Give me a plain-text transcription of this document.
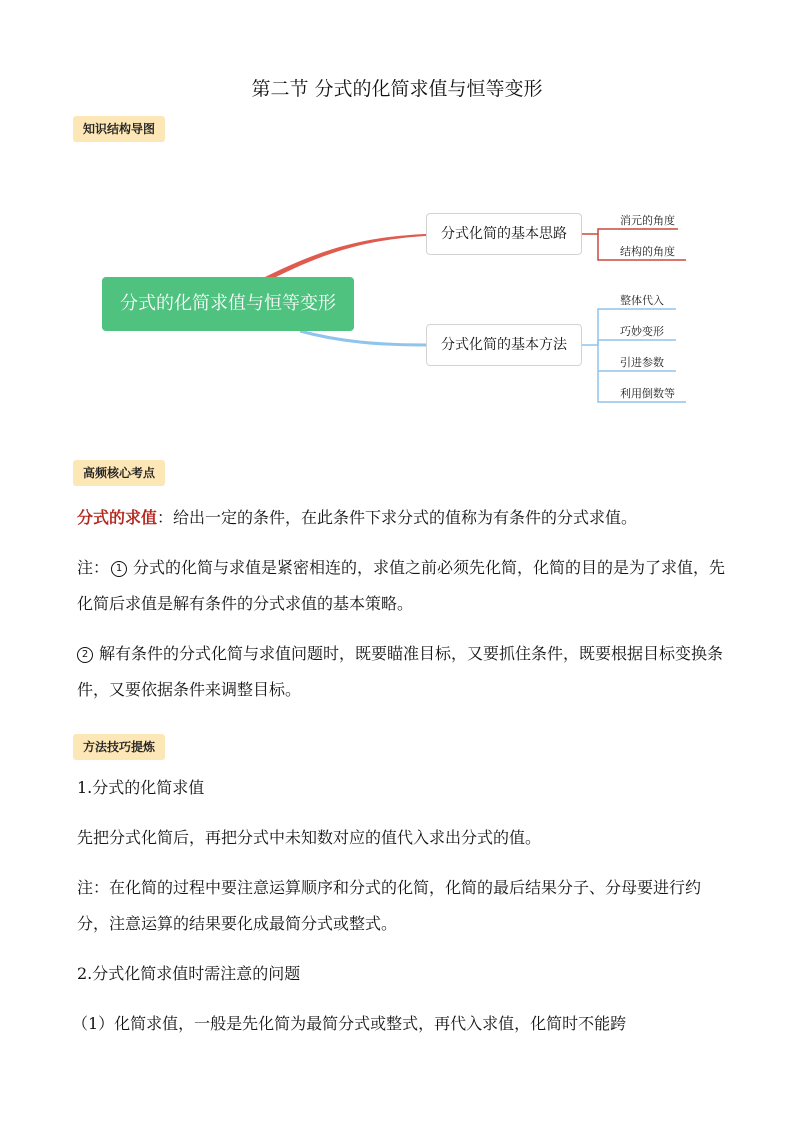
第二节 分式的化简求值与恒等变形
知识结构导图
分式的化简求值与恒等变形
分式化简的基本思路
分式化简的基本方法
消元的角度
结构的角度
整体代入
巧妙变形
引进参数
利用倒数等
高频核心考点
分式的求值：给出一定的条件，在此条件下求分式的值称为有条件的分式求值。
注： 1 分式的化简与求值是紧密相连的，求值之前必须先化简，化简的目的是为了求值，先化简后求值是解有条件的分式求值的基本策略。
2 解有条件的分式化简与求值问题时，既要瞄准目标，又要抓住条件，既要根据目标变换条件，又要依据条件来调整目标。
方法技巧提炼
1.分式的化简求值
先把分式化简后，再把分式中未知数对应的值代入求出分式的值。
注：在化简的过程中要注意运算顺序和分式的化简，化简的最后结果分子、分母要进行约分，注意运算的结果要化成最简分式或整式。
2.分式化简求值时需注意的问题
（1）化简求值，一般是先化简为最简分式或整式，再代入求值，化简时不能跨
